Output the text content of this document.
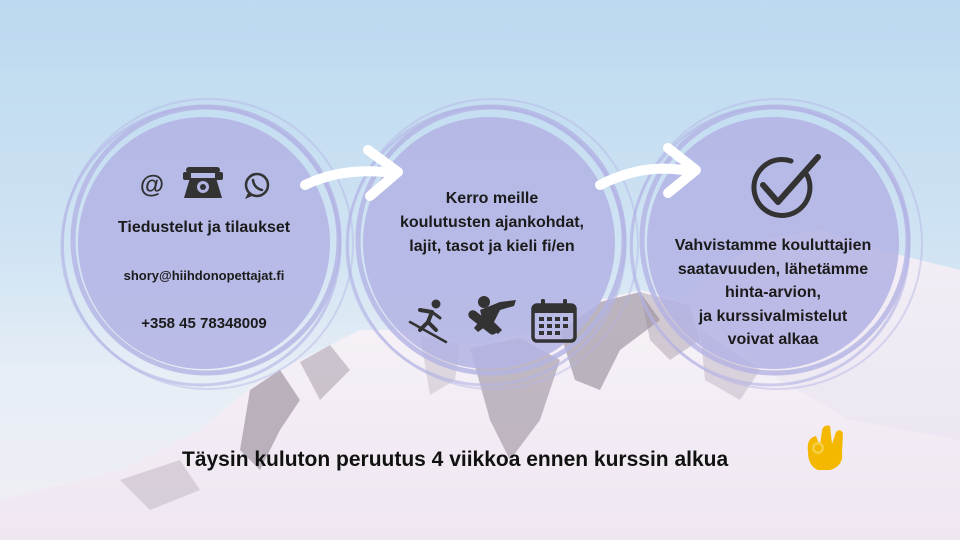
@
Tiedustelut ja tilaukset
shory@hiihdonopettajat.fi
+358 45 78348009
Kerro meille
koulutusten ajankohdat,
lajit, tasot ja kieli fi/en	Vahvistamme kouluttajien
saatavuuden, lähetämme
hinta-arvion,
ja kurssivalmistelut
voivat alkaa
Täysin kuluton peruutus 4 viikkoa ennen kurssin alkua
